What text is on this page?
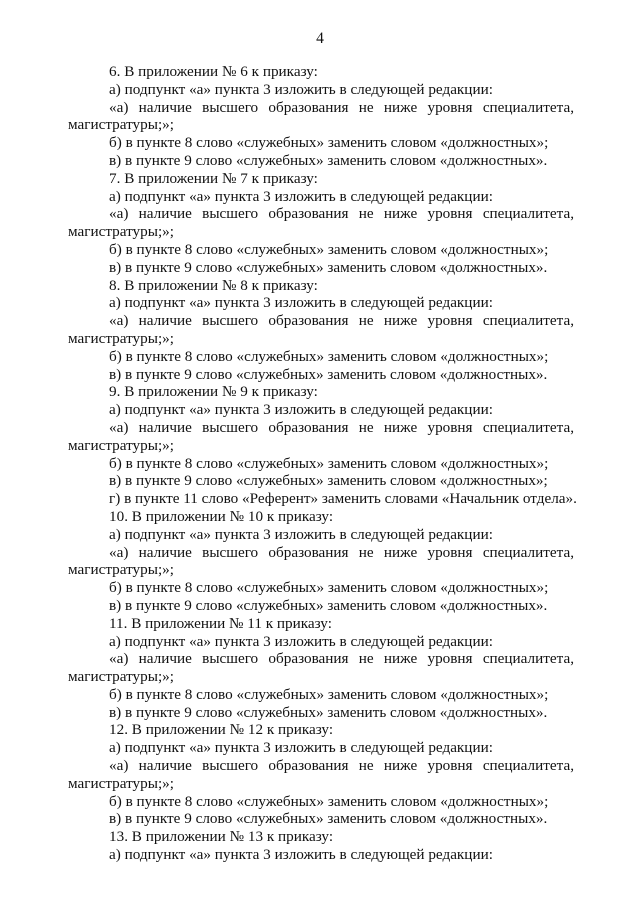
4
6. В приложении № 6 к приказу:
а) подпункт «а» пункта 3 изложить в следующей редакции:
«а) наличие высшего образования не ниже уровня специалитета,
магистратуры;»;
б) в пункте 8 слово «служебных» заменить словом «должностных»;
в) в пункте 9 слово «служебных» заменить словом «должностных».
7. В приложении № 7 к приказу:
а) подпункт «а» пункта 3 изложить в следующей редакции:
«а) наличие высшего образования не ниже уровня специалитета,
магистратуры;»;
б) в пункте 8 слово «служебных» заменить словом «должностных»;
в) в пункте 9 слово «служебных» заменить словом «должностных».
8. В приложении № 8 к приказу:
а) подпункт «а» пункта 3 изложить в следующей редакции:
«а) наличие высшего образования не ниже уровня специалитета,
магистратуры;»;
б) в пункте 8 слово «служебных» заменить словом «должностных»;
в) в пункте 9 слово «служебных» заменить словом «должностных».
9. В приложении № 9 к приказу:
а) подпункт «а» пункта 3 изложить в следующей редакции:
«а) наличие высшего образования не ниже уровня специалитета,
магистратуры;»;
б) в пункте 8 слово «служебных» заменить словом «должностных»;
в) в пункте 9 слово «служебных» заменить словом «должностных»;
г) в пункте 11 слово «Референт» заменить словами «Начальник отдела».
10. В приложении № 10 к приказу:
а) подпункт «а» пункта 3 изложить в следующей редакции:
«а) наличие высшего образования не ниже уровня специалитета,
магистратуры;»;
б) в пункте 8 слово «служебных» заменить словом «должностных»;
в) в пункте 9 слово «служебных» заменить словом «должностных».
11. В приложении № 11 к приказу:
а) подпункт «а» пункта 3 изложить в следующей редакции:
«а) наличие высшего образования не ниже уровня специалитета,
магистратуры;»;
б) в пункте 8 слово «служебных» заменить словом «должностных»;
в) в пункте 9 слово «служебных» заменить словом «должностных».
12. В приложении № 12 к приказу:
а) подпункт «а» пункта 3 изложить в следующей редакции:
«а) наличие высшего образования не ниже уровня специалитета,
магистратуры;»;
б) в пункте 8 слово «служебных» заменить словом «должностных»;
в) в пункте 9 слово «служебных» заменить словом «должностных».
13. В приложении № 13 к приказу:
а) подпункт «а» пункта 3 изложить в следующей редакции:
